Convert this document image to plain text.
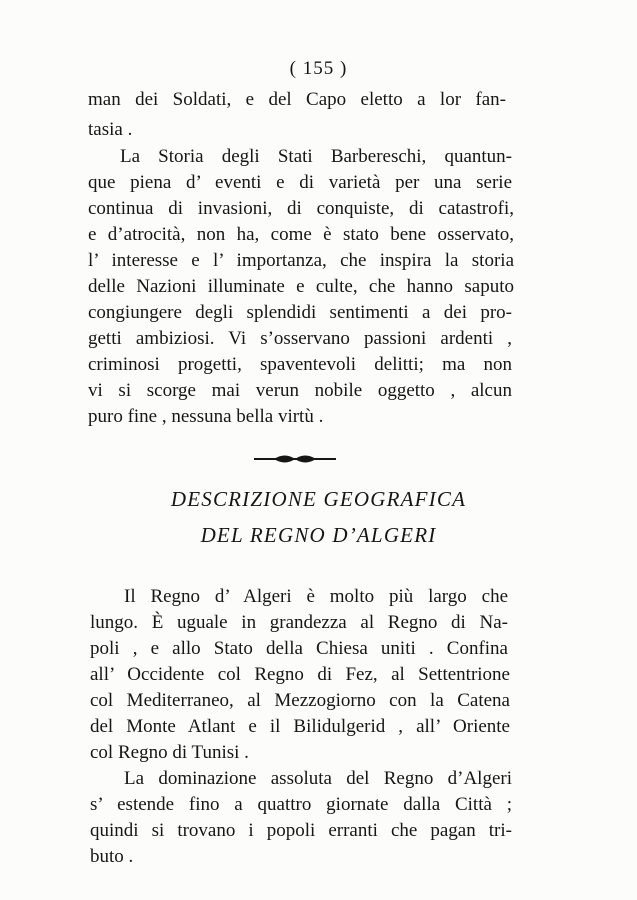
( 155 )
man dei Soldati, e del Capo eletto a lor fan-
tasia .
La Storia degli Stati Barbereschi, quantun-
que piena d’ eventi e di varietà per una serie
continua di invasioni, di conquiste, di catastrofi,
e d’atrocità, non ha, come è stato bene osservato,
l’ interesse e l’ importanza, che inspira la storia
delle Nazioni illuminate e culte, che hanno saputo
congiungere degli splendidi sentimenti a dei pro-
getti ambiziosi. Vi s’osservano passioni ardenti ,
criminosi progetti, spaventevoli delitti; ma non
vi si scorge mai verun nobile oggetto , alcun
puro fine , nessuna bella virtù .
DESCRIZIONE GEOGRAFICA
DEL REGNO D’ALGERI
Il Regno d’ Algeri è molto più largo che
lungo. È uguale in grandezza al Regno di Na-
poli , e allo Stato della Chiesa uniti . Confina
all’ Occidente col Regno di Fez, al Settentrione
col Mediterraneo, al Mezzogiorno con la Catena
del Monte Atlant e il Bilidulgerid , all’ Oriente
col Regno di Tunisi .
La dominazione assoluta del Regno d’Algeri
s’ estende fino a quattro giornate dalla Città ;
quindi si trovano i popoli erranti che pagan tri-
buto .
